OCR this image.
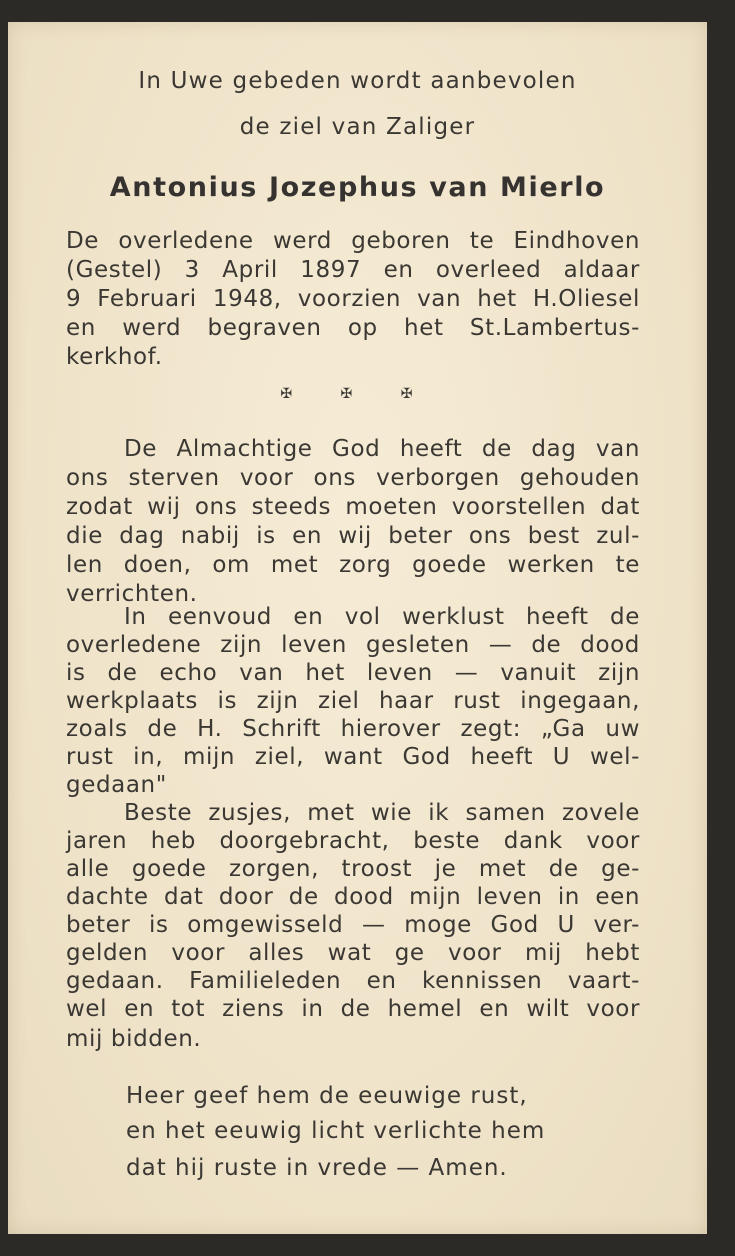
In Uwe gebeden wordt aanbevolen
de ziel van Zaliger
Antonius Jozephus van Mierlo
De overledene werd geboren te Eindhoven
(Gestel) 3 April 1897 en overleed aldaar
9 Februari 1948, voorzien van het H.Oliesel
en werd begraven op het St.Lambertus-
kerkhof.
✠ ✠ ✠
De Almachtige God heeft de dag van
ons sterven voor ons verborgen gehouden
zodat wij ons steeds moeten voorstellen dat
die dag nabij is en wij beter ons best zul-
len doen, om met zorg goede werken te
verrichten.
In eenvoud en vol werklust heeft de
overledene zijn leven gesleten — de dood
is de echo van het leven — vanuit zijn
werkplaats is zijn ziel haar rust ingegaan,
zoals de H. Schrift hierover zegt: „Ga uw
rust in, mijn ziel, want God heeft U wel-
gedaan"
Beste zusjes, met wie ik samen zovele
jaren heb doorgebracht, beste dank voor
alle goede zorgen, troost je met de ge-
dachte dat door de dood mijn leven in een
beter is omgewisseld — moge God U ver-
gelden voor alles wat ge voor mij hebt
gedaan. Familieleden en kennissen vaart-
wel en tot ziens in de hemel en wilt voor
mij bidden.
Heer geef hem de eeuwige rust,
en het eeuwig licht verlichte hem
dat hij ruste in vrede — Amen.
